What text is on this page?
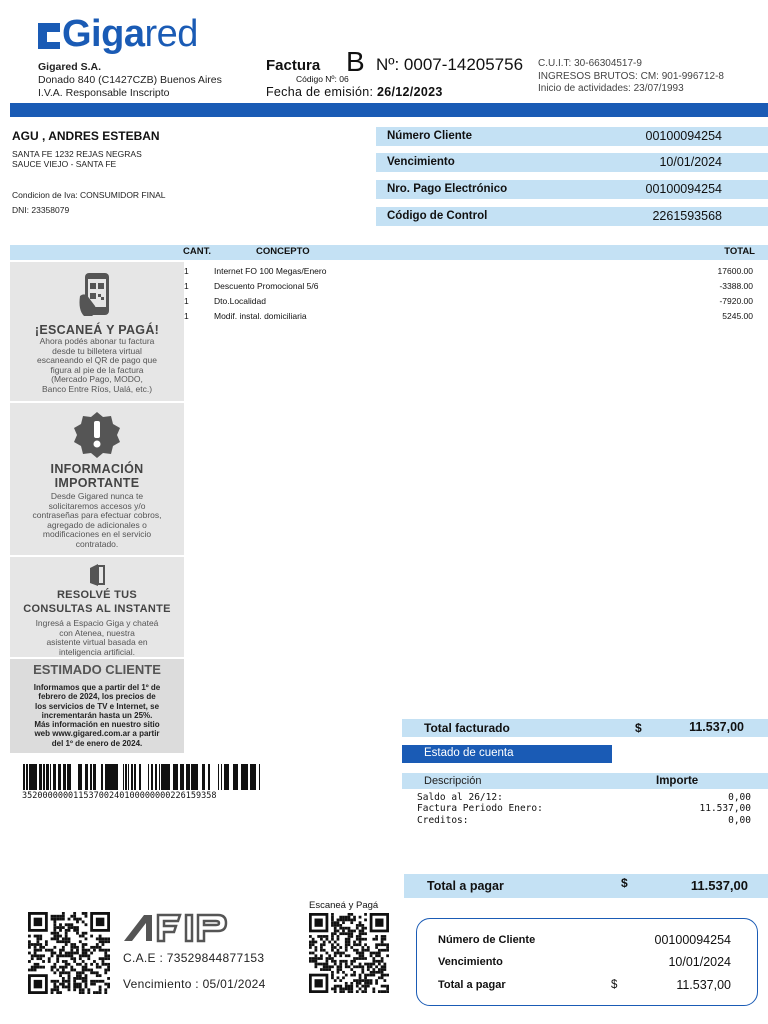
Gigared
Gigared S.A.
Donado 840 (C1427CZB) Buenos Aires
I.V.A. Responsable Inscripto
Factura B Nº: 0007-14205756
Código Nº: 06
Fecha de emisión: 26/12/2023
C.U.I.T: 30-66304517-9
INGRESOS BRUTOS: CM: 901-996712-8
Inicio de actividades: 23/07/1993
AGU , ANDRES ESTEBAN
SANTA FE 1232 REJAS NEGRAS
SAUCE VIEJO - SANTA FE
Condicion de Iva: CONSUMIDOR FINAL
DNI: 23358079
Número Cliente	00100094254
Vencimiento	10/01/2024
Nro. Pago Electrónico	00100094254
Código de Control	2261593568
CANT.	CONCEPTO	TOTAL
1	Internet FO 100 Megas/Enero	17600.00
1	Descuento Promocional 5/6	-3388.00
1	Dto.Localidad	-7920.00
1	Modif. instal. domiciliaria	5245.00
¡ESCANEÁ Y PAGÁ!
Ahora podés abonar tu factura
desde tu billetera virtual
escaneando el QR de pago que
figura al pie de la factura
(Mercado Pago, MODO,
Banco Entre Ríos, Ualá, etc.)
INFORMACIÓN
IMPORTANTE
Desde Gigared nunca te
solicitaremos accesos y/o
contraseñas para efectuar cobros,
agregado de adicionales o
modificaciones en el servicio
contratado.
RESOLVÉ TUS
CONSULTAS AL INSTANTE
Ingresá a Espacio Giga y chateá
con Atenea, nuestra
asistente virtual basada en
inteligencia artificial.
ESTIMADO CLIENTE
Informamos que a partir del 1º de
febrero de 2024, los precios de
los servicios de TV e Internet, se
incrementarán hasta un 25%.
Más información en nuestro sitio
web www.gigared.com.ar a partir
del 1º de enero de 2024.
35200000001153700240100000000226159358
Total facturado	$	11.537,00
Estado de cuenta
Descripción	Importe
Saldo al 26/12:	0,00
Factura Periodo Enero:	11.537,00
Creditos:	0,00
Total a pagar	$	11.537,00
C.A.E : 73529844877153
Vencimiento : 05/01/2024
Escaneá y Pagá
Número de Cliente	00100094254
Vencimiento	10/01/2024
Total a pagar	$	11.537,00
